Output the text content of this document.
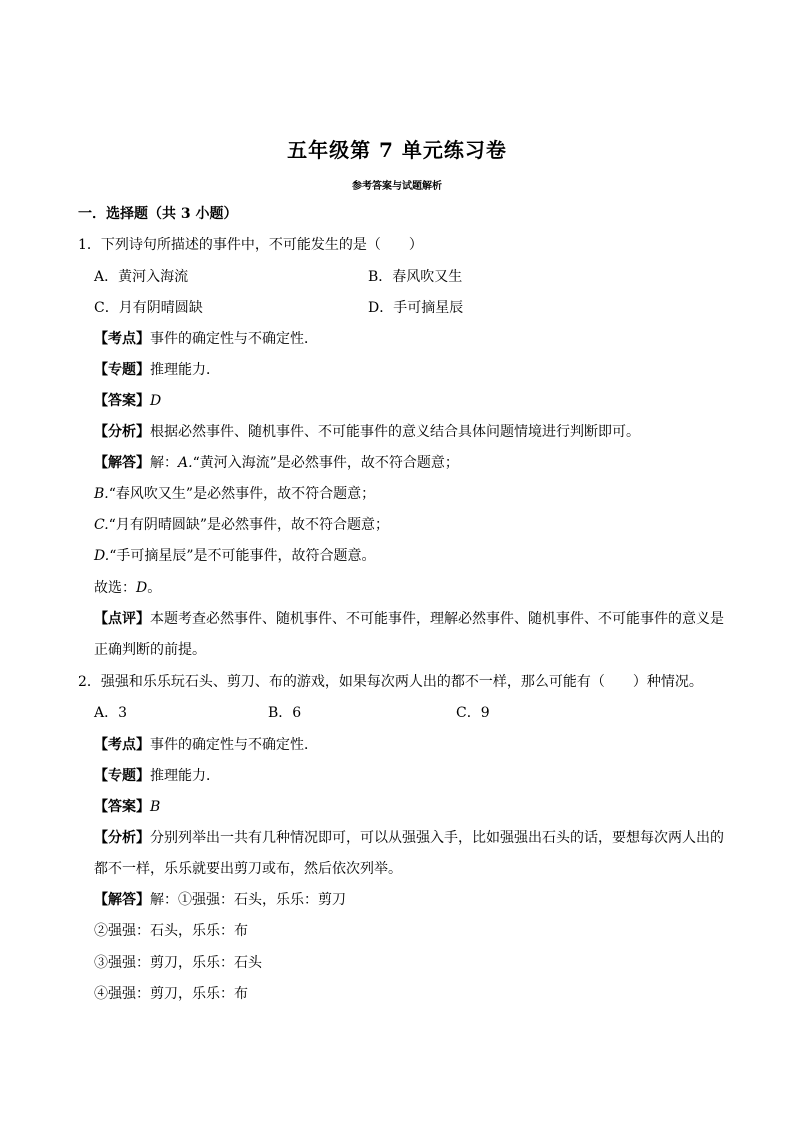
五年级第 7 单元练习卷
参考答案与试题解析
一．选择题（共 3 小题）
1．下列诗句所描述的事件中，不可能发生的是（　　）
A．黄河入海流	B．春风吹又生
C．月有阴晴圆缺	D．手可摘星辰
【考点】事件的确定性与不确定性．
【专题】推理能力．
【答案】D
【分析】根据必然事件、随机事件、不可能事件的意义结合具体问题情境进行判断即可。
【解答】解：A.“黄河入海流”是必然事件，故不符合题意；
B.“春风吹又生”是必然事件，故不符合题意；
C.“月有阴晴圆缺”是必然事件，故不符合题意；
D.“手可摘星辰”是不可能事件，故符合题意。
故选：D。
【点评】本题考查必然事件、随机事件、不可能事件，理解必然事件、随机事件、不可能事件的意义是
正确判断的前提。
2．强强和乐乐玩石头、剪刀、布的游戏，如果每次两人出的都不一样，那么可能有（　　）种情况。
A．3	B．6	C．9
【考点】事件的确定性与不确定性．
【专题】推理能力．
【答案】B
【分析】分别列举出一共有几种情况即可，可以从强强入手，比如强强出石头的话，要想每次两人出的
都不一样，乐乐就要出剪刀或布，然后依次列举。
【解答】解：①强强：石头，乐乐：剪刀
②强强：石头，乐乐：布
③强强：剪刀，乐乐：石头
④强强：剪刀，乐乐：布
